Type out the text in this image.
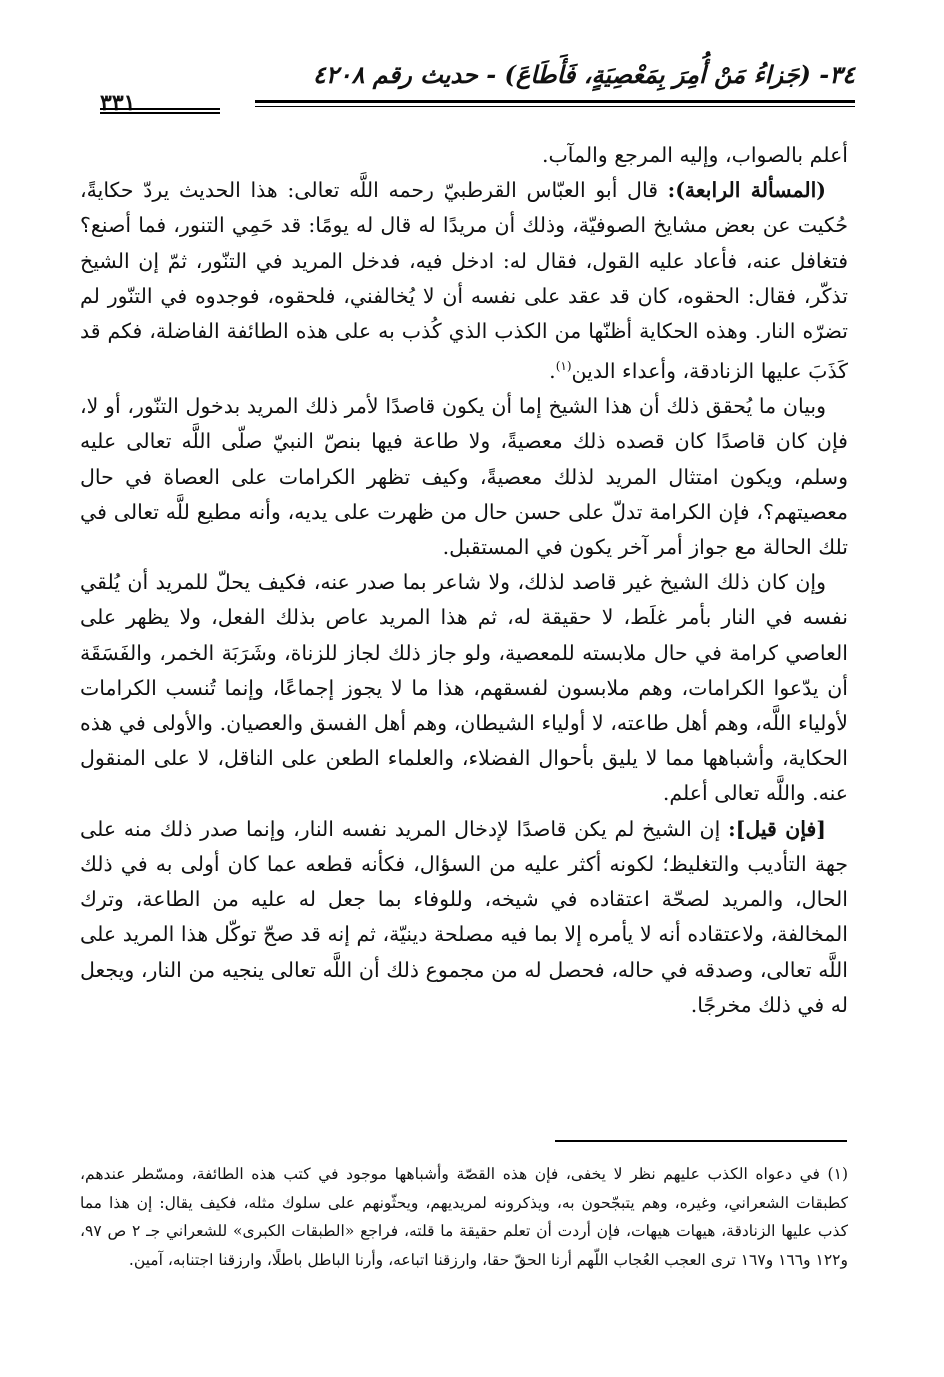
٣٤- (جَزاءُ مَنْ أُمِرَ بِمَعْصِيَةٍ، فَأَطَاعَ) - حديث رقم ٤٢٠٨
٣٣١

أعلم بالصواب، وإليه المرجع والمآب.

(المسألة الرابعة): قال أبو العبّاس القرطبيّ رحمه اللَّه تعالى: هذا الحديث يردّ حكايةً، حُكيت عن بعض مشايخ الصوفيّة، وذلك أن مريدًا له قال له يومًا: قد حَمِي التنور، فما أصنع؟ فتغافل عنه، فأعاد عليه القول، فقال له: ادخل فيه، فدخل المريد في التنّور، ثمّ إن الشيخ تذكّر، فقال: الحقوه، كان قد عقد على نفسه أن لا يُخالفني، فلحقوه، فوجدوه في التنّور لم تضرّه النار. وهذه الحكاية أظنّها من الكذب الذي كُذب به على هذه الطائفة الفاضلة، فكم قد كَذَبَ عليها الزنادقة، وأعداء الدين$^{(١)}$.

وبيان ما يُحقق ذلك أن هذا الشيخ إما أن يكون قاصدًا لأمر ذلك المريد بدخول التنّور، أو لا، فإن كان قاصدًا كان قصده ذلك معصيةً، ولا طاعة فيها بنصّ النبيّ صلّى اللَّه تعالى عليه وسلم، ويكون امتثال المريد لذلك معصيةً، وكيف تظهر الكرامات على العصاة في حال معصيتهم؟، فإن الكرامة تدلّ على حسن حال من ظهرت على يديه، وأنه مطيع للَّه تعالى في تلك الحالة مع جواز أمر آخر يكون في المستقبل.

وإن كان ذلك الشيخ غير قاصد لذلك، ولا شاعر بما صدر عنه، فكيف يحلّ للمريد أن يُلقي نفسه في النار بأمر غلَط، لا حقيقة له، ثم هذا المريد عاص بذلك الفعل، ولا يظهر على العاصي كرامة في حال ملابسته للمعصية، ولو جاز ذلك لجاز للزناة، وشَرَبَة الخمر، والفَسَقَة أن يدّعوا الكرامات، وهم ملابسون لفسقهم، هذا ما لا يجوز إجماعًا، وإنما تُنسب الكرامات لأولياء اللَّه، وهم أهل طاعته، لا أولياء الشيطان، وهم أهل الفسق والعصيان. والأولى في هذه الحكاية، وأشباهها مما لا يليق بأحوال الفضلاء، والعلماء الطعن على الناقل، لا على المنقول عنه. واللَّه تعالى أعلم.

[فإن قيل]: إن الشيخ لم يكن قاصدًا لإدخال المريد نفسه النار، وإنما صدر ذلك منه على جهة التأديب والتغليظ؛ لكونه أكثر عليه من السؤال، فكأنه قطعه عما كان أولى به في ذلك الحال، والمريد لصحّة اعتقاده في شيخه، وللوفاء بما جعل له عليه من الطاعة، وترك المخالفة، ولاعتقاده أنه لا يأمره إلا بما فيه مصلحة دينيّة، ثم إنه قد صحّ توكّل هذا المريد على اللَّه تعالى، وصدقه في حاله، فحصل له من مجموع ذلك أن اللَّه تعالى ينجيه من النار، ويجعل له في ذلك مخرجًا.

(١) في دعواه الكذب عليهم نظر لا يخفى، فإن هذه القصّة وأشباهها موجود في كتب هذه الطائفة، ومسّطر عندهم، كطبقات الشعراني، وغيره، وهم يتبجّحون به، ويذكرونه لمريديهم، ويحثّونهم على سلوك مثله، فكيف يقال: إن هذا مما كذب عليها الزنادقة، هيهات هيهات، فإن أردت أن تعلم حقيقة ما قلته، فراجع «الطبقات الكبرى» للشعراني جـ ٢ ص ٩٧، و١٢٢ و١٦٦ و١٦٧ ترى العجب العُجاب اللّهم أرنا الحقّ حقا، وارزقنا اتباعه، وأرنا الباطل باطلًا، وارزقنا اجتنابه، آمين.
